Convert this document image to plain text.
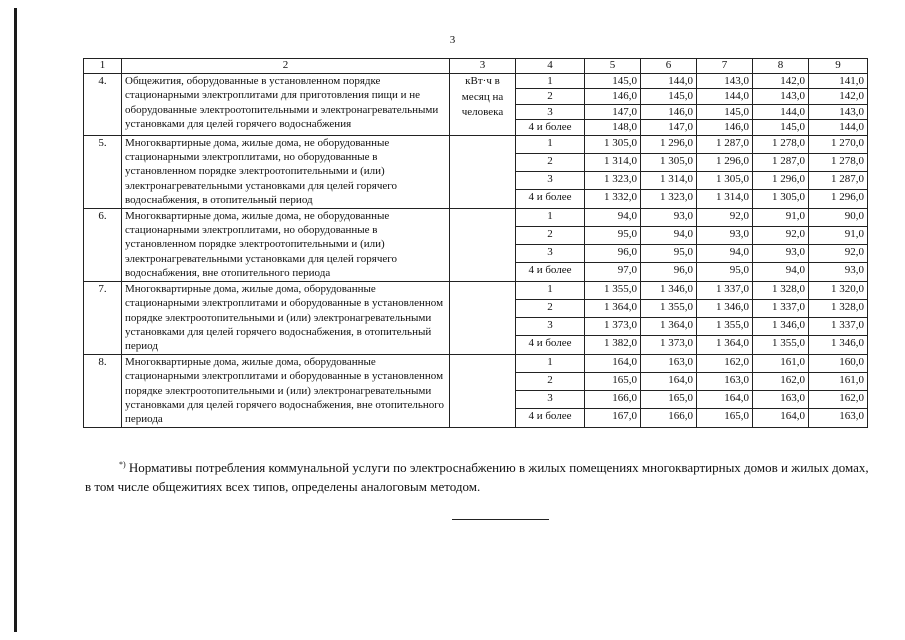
3
1	2	3	4	5	6	7	8	9
4.	Общежития, оборудованные в установленном порядке стационарными электроплитами для приготовления пищи и не оборудованные электроотопительными и электронагревательными установками для целей горячего водоснабжения	кВт·ч в месяц на человека	1	145,0	144,0	143,0	142,0	141,0
			2	146,0	145,0	144,0	143,0	142,0
			3	147,0	146,0	145,0	144,0	143,0
			4 и более	148,0	147,0	146,0	145,0	144,0
5.	Многоквартирные дома, жилые дома, не оборудованные стационарными электроплитами, но оборудованные в установленном порядке электроотопительными и (или) электронагревательными установками для целей горячего водоснабжения, в отопительный период		1	1 305,0	1 296,0	1 287,0	1 278,0	1 270,0
			2	1 314,0	1 305,0	1 296,0	1 287,0	1 278,0
			3	1 323,0	1 314,0	1 305,0	1 296,0	1 287,0
			4 и более	1 332,0	1 323,0	1 314,0	1 305,0	1 296,0
6.	Многоквартирные дома, жилые дома, не оборудованные стационарными электроплитами, но оборудованные в установленном порядке электроотопительными и (или) электронагревательными установками для целей горячего водоснабжения, вне отопительного периода		1	94,0	93,0	92,0	91,0	90,0
			2	95,0	94,0	93,0	92,0	91,0
			3	96,0	95,0	94,0	93,0	92,0
			4 и более	97,0	96,0	95,0	94,0	93,0
7.	Многоквартирные дома, жилые дома, оборудованные стационарными электроплитами и оборудованные в установленном порядке электроотопительными и (или) электронагревательными установками для целей горячего водоснабжения, в отопительный период		1	1 355,0	1 346,0	1 337,0	1 328,0	1 320,0
			2	1 364,0	1 355,0	1 346,0	1 337,0	1 328,0
			3	1 373,0	1 364,0	1 355,0	1 346,0	1 337,0
			4 и более	1 382,0	1 373,0	1 364,0	1 355,0	1 346,0
8.	Многоквартирные дома, жилые дома, оборудованные стационарными электроплитами и оборудованные в установленном порядке электроотопительными и (или) электронагревательными установками для целей горячего водоснабжения, вне отопительного периода		1	164,0	163,0	162,0	161,0	160,0
			2	165,0	164,0	163,0	162,0	161,0
			3	166,0	165,0	164,0	163,0	162,0
			4 и более	167,0	166,0	165,0	164,0	163,0
*) Нормативы потребления коммунальной услуги по электроснабжению в жилых помещениях многоквартирных домов и жилых домах, в том числе общежитиях всех типов, определены аналоговым методом.
